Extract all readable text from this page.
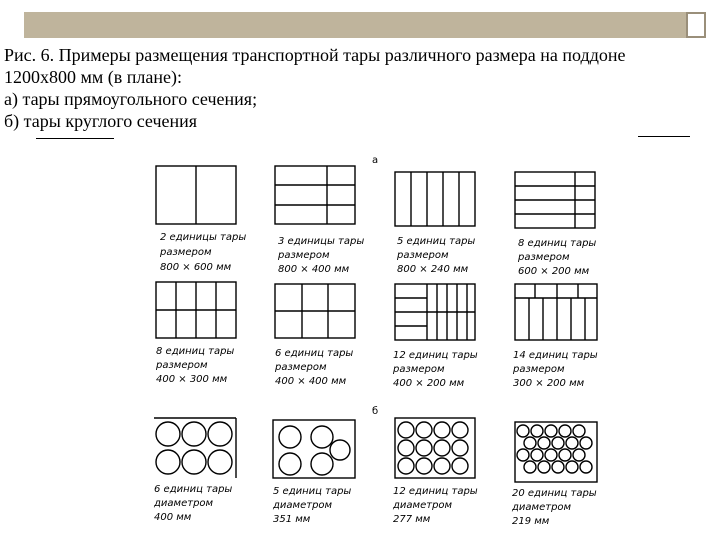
Рис. 6. Примеры размещения транспортной тары различного размера на поддоне
1200х800 мм (в плане):
а) тары прямоугольного сечения;
б) тары круглого сечения
а
б
2 единицы тары
размером
800 × 600 мм
3 единицы тары
размером
800 × 400 мм
5 единиц тары
размером
800 × 240 мм
8 единиц тары
размером
600 × 200 мм
8 единиц тары
размером
400 × 300 мм
6 единиц тары
размером
400 × 400 мм
12 единиц тары
размером
400 × 200 мм
14 единиц тары
размером
300 × 200 мм
6 единиц тары
диаметром
400 мм
5 единиц тары
диаметром
351 мм
12 единиц тары
диаметром
277 мм
20 единиц тары
диаметром
219 мм
